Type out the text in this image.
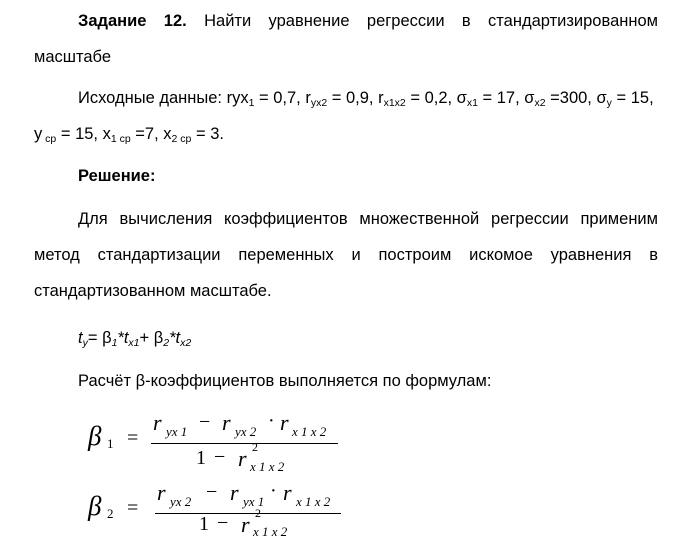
Задание 12. Найти уравнение регрессии в стандартизированном масштабе
Исходные данные: ryx$_1$ = 0,7, $r_{yx2} = 0,9$, $r_{x1x2} = 0,2$, $\sigma_{x1} = 17$, $\sigma_{x2} =300$, $\sigma_y = 15$,
y $_{ср}$ = 15, $x_{1 ср} =7$, $x_{2 ср} = 3$.
Решение:
Для вычисления коэффициентов множественной регрессии применим метод стандартизации переменных и построим искомое уравнения в стандартизованном масштабе.
$t_y= \beta_1*t_{x1}+ \beta_2*t_{x2}$
Расчёт β-коэффициентов выполняется по формулам:
β 1 =
r yx 1 − r yx 2 · r x 1 x 2
1 − r 2
x 1 x 2
β 2 =
r yx 2 − r yx 1 · r x 1 x 2
1 − r 2
x 1 x 2
